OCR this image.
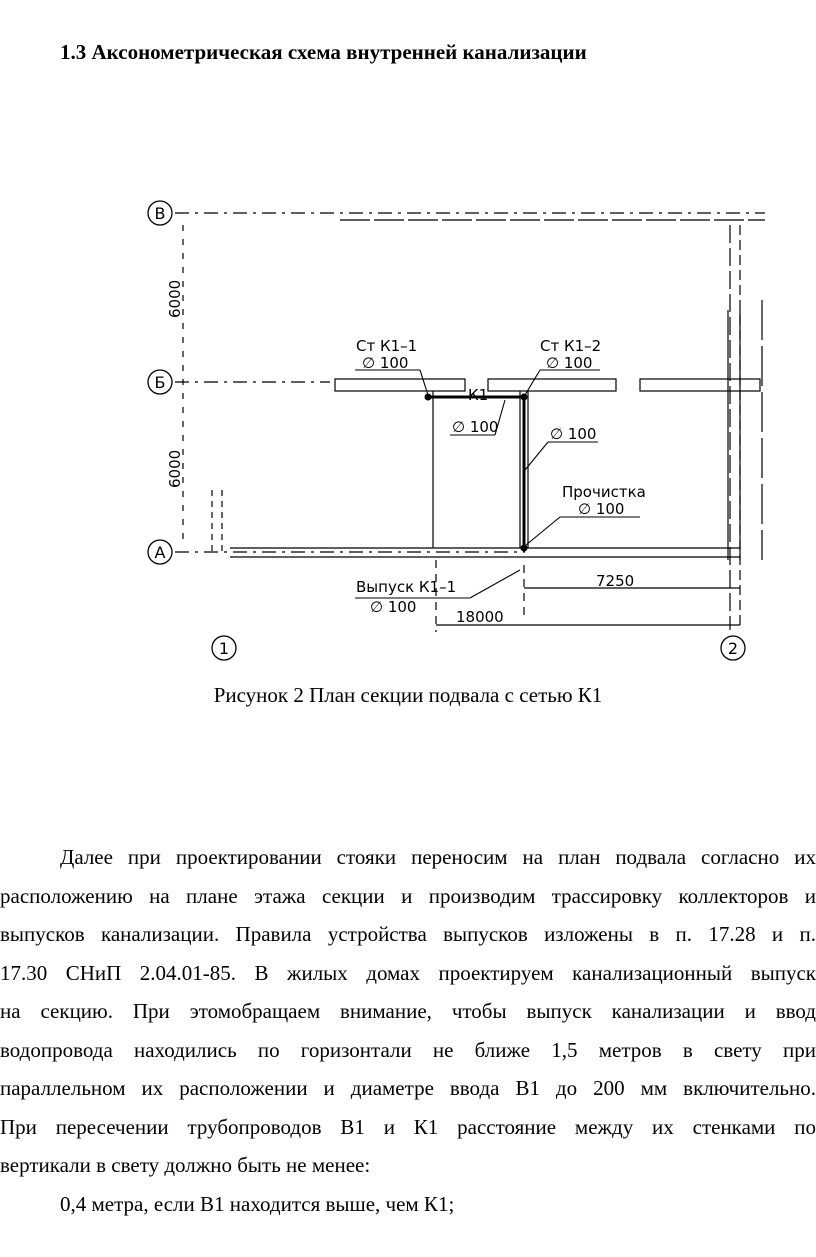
1.3 Аксонометрическая схема внутренней канализации
В
Б
А
1	2
6000
6000
Ст К1–1
∅ 100
Ст К1–2
∅ 100
К1
∅ 100	∅ 100
Прочистка
∅ 100
Выпуск К1–1
∅ 100
7250
18000
Рисунок 2 План секции подвала с сетью К1

Далее при проектировании стояки переносим на план подвала согласно их

расположению на плане этажа секции и производим трассировку коллекторов и

выпусков канализации. Правила устройства выпусков изложены в п. 17.28 и п.

17.30 СНиП 2.04.01-85. В жилых домах проектируем канализационный выпуск

на секцию. При этомобращаем внимание, чтобы выпуск канализации и ввод

водопровода находились по горизонтали не ближе 1,5 метров в свету при

параллельном их расположении и диаметре ввода В1 до 200 мм включительно.

При пересечении трубопроводов В1 и К1 расстояние между их стенками по

вертикали в свету должно быть не менее:

0,4 метра, если В1 находится выше, чем К1;
